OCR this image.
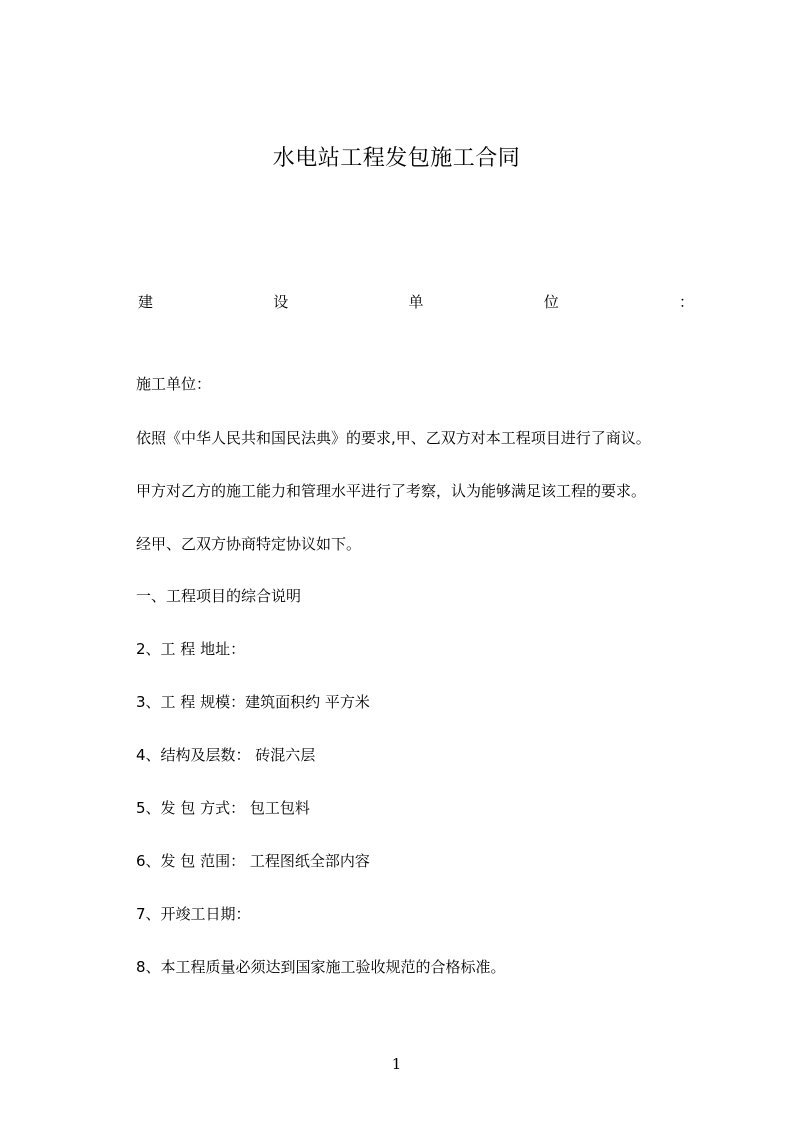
水电站工程发包施工合同
建	设	单	位	：
施工单位：
依照《中华人民共和国民法典》的要求,甲、乙双方对本工程项目进行了商议。
甲方对乙方的施工能力和管理水平进行了考察，认为能够满足该工程的要求。
经甲、乙双方协商特定协议如下。
一、工程项目的综合说明
2、工 程 地址：
3、工 程 规模：建筑面积约 平方米
4、结构及层数： 砖混六层
5、发 包 方式： 包工包料
6、发 包 范围： 工程图纸全部内容
7、开竣工日期：
8、本工程质量必须达到国家施工验收规范的合格标准。
1
